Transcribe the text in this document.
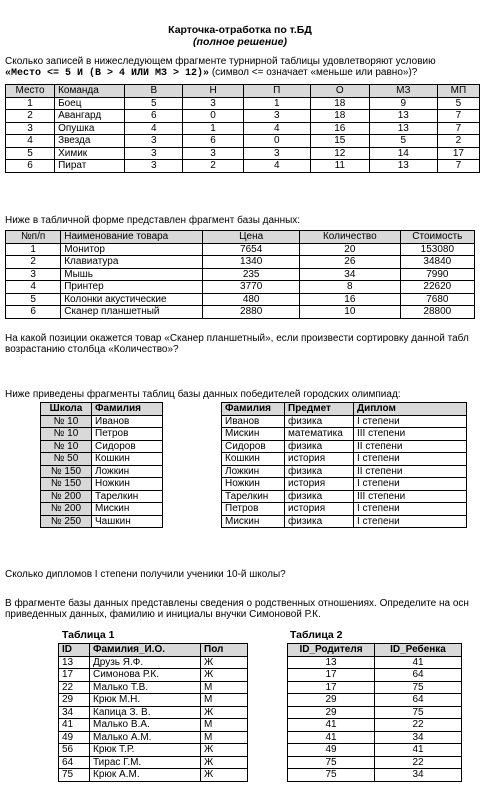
Карточка-отработка по т.БД

(полное решение)

Сколько записей в нижеследующем фрагменте турнирной таблицы удовлетворяют условию

«Место <= 5 И (В > 4 ИЛИ МЗ > 12)» (символ <= означает «меньше или равно»)?

Место	Команда	В	Н	П	О	МЗ	МП
1	Боец	5	3	1	18	9	5
2	Авангард	6	0	3	18	13	7
3	Опушка	4	1	4	16	13	7
4	Звезда	3	6	0	15	5	2
5	Химик	3	3	3	12	14	17
6	Пират	3	2	4	11	13	7

Ниже в табличной форме представлен фрагмент базы данных:

№п/п	Наименование товара	Цена	Количество	Стоимость
1	Монитор	7654	20	153080
2	Клавиатура	1340	26	34840
3	Мышь	235	34	7990
4	Принтер	3770	8	22620
5	Колонки акустические	480	16	7680
6	Сканер планшетный	2880	10	28800

На какой позиции окажется товар «Сканер планшетный», если произвести сортировку данной табл

возрастанию столбца «Количество»?

Ниже приведены фрагменты таблиц базы данных победителей городских олимпиад:

Школа	Фамилия
№ 10	Иванов
№ 10	Петров
№ 10	Сидоров
№ 50	Кошкин
№ 150	Ложкин
№ 150	Ножкин
№ 200	Тарелкин
№ 200	Мискин
№ 250	Чашкин
Фамилия	Предмет	Диплом
Иванов	физика	I степени
Мискин	математика	III степени
Сидоров	физика	II степени
Кошкин	история	I степени
Ложкин	физика	II степени
Ножкин	история	I степени
Тарелкин	физика	III степени
Петров	история	I степени
Мискин	физика	I степени

Сколько дипломов I степени получили ученики 10-й школы?

В фрагменте базы данных представлены сведения о родственных отношениях. Определите на осн

приведенных данных, фамилию и инициалы внучки Симоновой Р.К.

Таблица 1	Таблица 2

ID	Фамилия_И.О.	Пол
13	Друзь Я.Ф.	Ж
17	Симонова Р.К.	Ж
22	Малько Т.В.	М
29	Крюк М.Н.	М
34	Капица З. В.	Ж
41	Малько В.А.	М
49	Малько А.М.	М
56	Крюк Т.Р.	Ж
64	Тирас Г.М.	Ж
75	Крюк А.М.	Ж
ID_Родителя	ID_Ребенка
13	41
17	64
17	75
29	64
29	75
41	22
41	34
49	41
75	22
75	34
